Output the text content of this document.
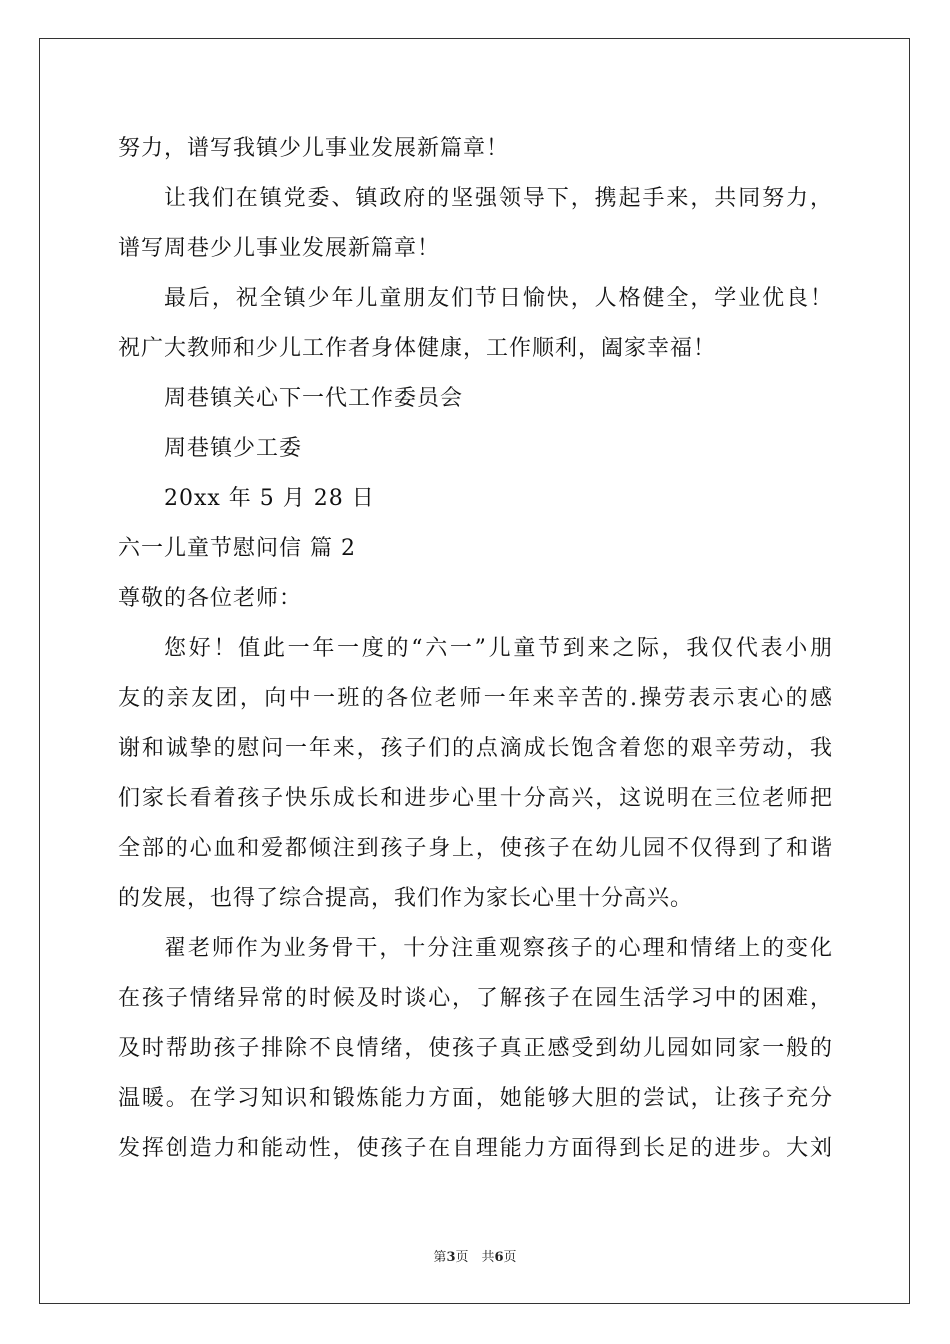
努力，谱写我镇少儿事业发展新篇章！
让我们在镇党委、镇政府的坚强领导下，携起手来，共同努力，
谱写周巷少儿事业发展新篇章！
最后，祝全镇少年儿童朋友们节日愉快，人格健全，学业优良！
祝广大教师和少儿工作者身体健康，工作顺利，阖家幸福！
周巷镇关心下一代工作委员会
周巷镇少工委
20xx 年 5 月 28 日
六一儿童节慰问信 篇 2
尊敬的各位老师：
您好！值此一年一度的“六一”儿童节到来之际，我仅代表小朋
友的亲友团，向中一班的各位老师一年来辛苦的.操劳表示衷心的感
谢和诚挚的慰问一年来，孩子们的点滴成长饱含着您的艰辛劳动，我
们家长看着孩子快乐成长和进步心里十分高兴，这说明在三位老师把
全部的心血和爱都倾注到孩子身上，使孩子在幼儿园不仅得到了和谐
的发展，也得了综合提高，我们作为家长心里十分高兴。
翟老师作为业务骨干，十分注重观察孩子的心理和情绪上的变化
在孩子情绪异常的时候及时谈心，了解孩子在园生活学习中的困难，
及时帮助孩子排除不良情绪，使孩子真正感受到幼儿园如同家一般的
温暖。在学习知识和锻炼能力方面，她能够大胆的尝试，让孩子充分
发挥创造力和能动性，使孩子在自理能力方面得到长足的进步。大刘
第3页　共6页
